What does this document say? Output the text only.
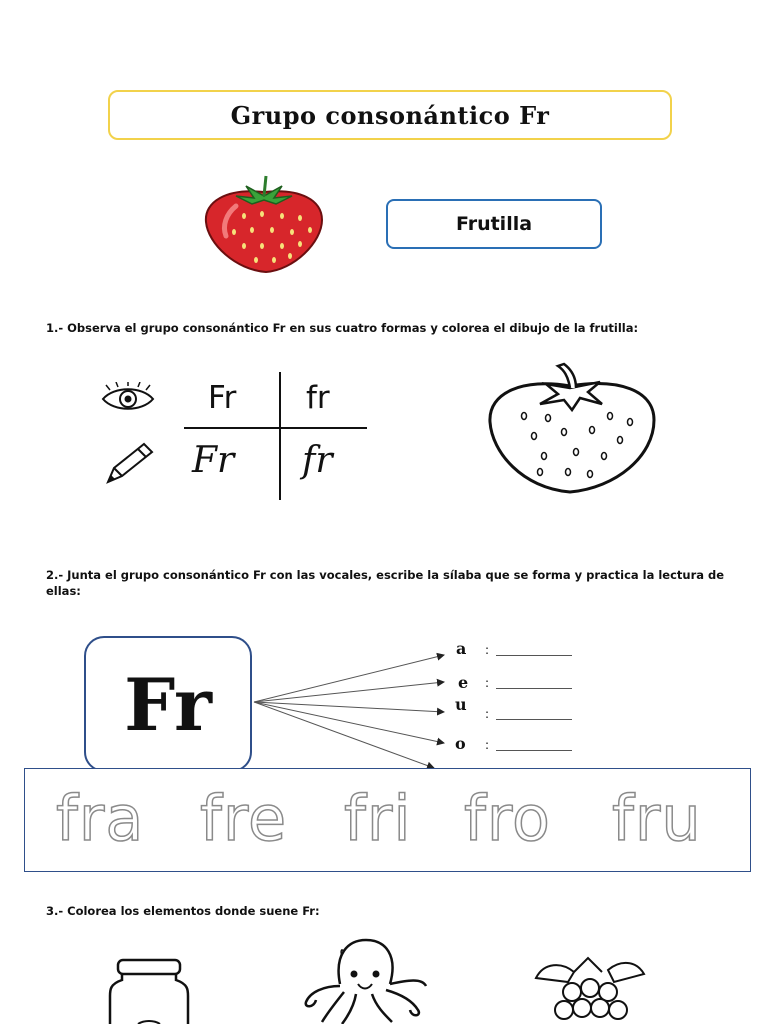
Grupo consonántico Fr
Frutilla
1.- Observa el grupo consonántico Fr en sus cuatro formas y colorea el dibujo de la frutilla:
Fr fr
Fr fr
2.- Junta el grupo consonántico Fr con las vocales, escribe la sílaba que se forma y practica la lectura de ellas:
Fr
a :
e :
u :
o :
fra fre fri fro fru
3.- Colorea los elementos donde suene Fr:
